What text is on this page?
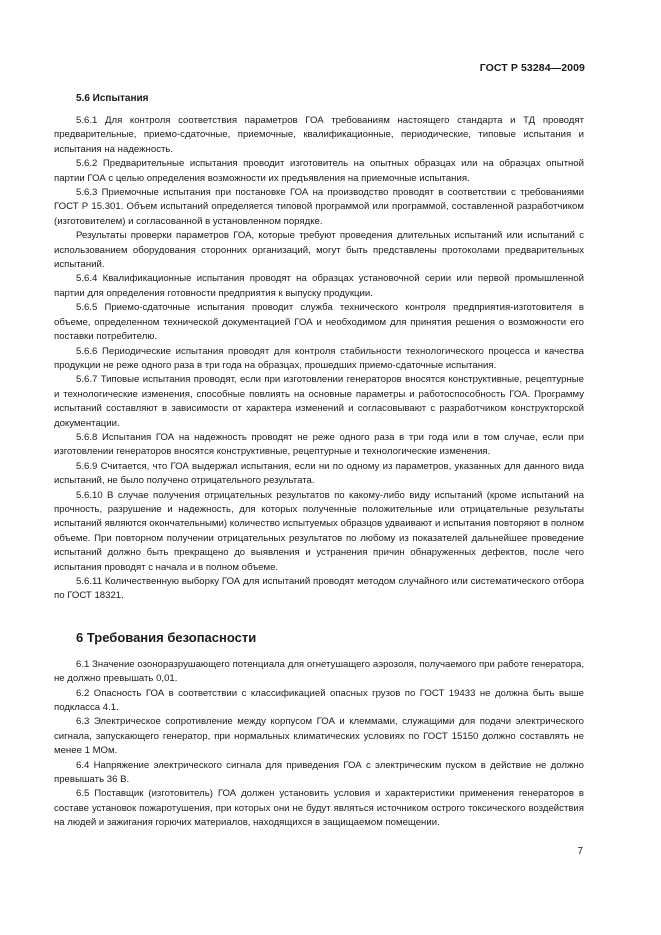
ГОСТ Р 53284—2009
5.6 Испытания

5.6.1 Для контроля соответствия параметров ГОА требованиям настоящего стандарта и ТД проводят предварительные, приемо-сдаточные, приемочные, квалификационные, периодические, типовые испытания и испытания на надежность.

5.6.2 Предварительные испытания проводит изготовитель на опытных образцах или на образцах опытной партии ГОА с целью определения возможности их предъявления на приемочные испытания.

5.6.3 Приемочные испытания при постановке ГОА на производство проводят в соответствии с требованиями ГОСТ Р 15.301. Объем испытаний определяется типовой программой или программой, составленной разработчиком (изготовителем) и согласованной в установленном порядке.

Результаты проверки параметров ГОА, которые требуют проведения длительных испытаний или испытаний с использованием оборудования сторонних организаций, могут быть представлены протоколами предварительных испытаний.

5.6.4 Квалификационные испытания проводят на образцах установочной серии или первой промышленной партии для определения готовности предприятия к выпуску продукции.

5.6.5 Приемо-сдаточные испытания проводит служба технического контроля предприятия-изготовителя в объеме, определенном технической документацией ГОА и необходимом для принятия решения о возможности его поставки потребителю.

5.6.6 Периодические испытания проводят для контроля стабильности технологического процесса и качества продукции не реже одного раза в три года на образцах, прошедших приемо-сдаточные испытания.

5.6.7 Типовые испытания проводят, если при изготовлении генераторов вносятся конструктивные, рецептурные и технологические изменения, способные повлиять на основные параметры и работоспособность ГОА. Программу испытаний составляют в зависимости от характера изменений и согласовывают с разработчиком конструкторской документации.

5.6.8 Испытания ГОА на надежность проводят не реже одного раза в три года или в том случае, если при изготовлении генераторов вносятся конструктивные, рецептурные и технологические изменения.

5.6.9 Считается, что ГОА выдержал испытания, если ни по одному из параметров, указанных для данного вида испытаний, не было получено отрицательного результата.

5.6.10 В случае получения отрицательных результатов по какому-либо виду испытаний (кроме испытаний на прочность, разрушение и надежность, для которых полученные положительные или отрицательные результаты испытаний являются окончательными) количество испытуемых образцов удваивают и испытания повторяют в полном объеме. При повторном получении отрицательных результатов по любому из показателей дальнейшее проведение испытаний должно быть прекращено до выявления и устранения причин обнаруженных дефектов, после чего испытания проводят с начала и в полном объеме.

5.6.11 Количественную выборку ГОА для испытаний проводят методом случайного или систематического отбора по ГОСТ 18321.

6 Требования безопасности

6.1 Значение озоноразрушающего потенциала для огнетушащего аэрозоля, получаемого при работе генератора, не должно превышать 0,01.

6.2 Опасность ГОА в соответствии с классификацией опасных грузов по ГОСТ 19433 не должна быть выше подкласса 4.1.

6.3 Электрическое сопротивление между корпусом ГОА и клеммами, служащими для подачи электрического сигнала, запускающего генератор, при нормальных климатических условиях по ГОСТ 15150 должно составлять не менее 1 МОм.

6.4 Напряжение электрического сигнала для приведения ГОА с электрическим пуском в действие не должно превышать 36 В.

6.5 Поставщик (изготовитель) ГОА должен установить условия и характеристики применения генераторов в составе установок пожаротушения, при которых они не будут являться источником острого токсического воздействия на людей и зажигания горючих материалов, находящихся в защищаемом помещении.

7
